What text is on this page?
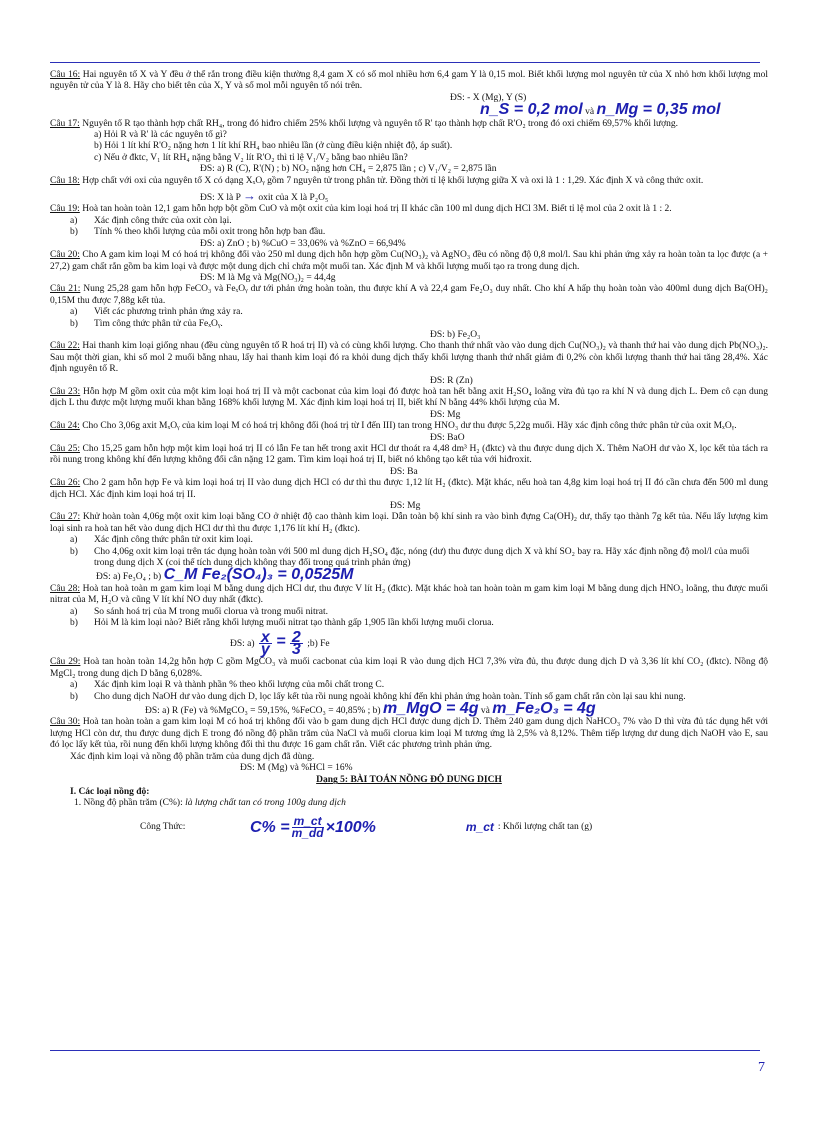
Câu 16: Hai nguyên tố X và Y đều ở thể rắn trong điều kiện thường 8,4 gam X có số mol nhiều hơn 6,4 gam Y là 0,15 mol. Biết khối lượng mol nguyên tử của X nhỏ hơn khối lượng mol nguyên tử của Y là 8. Hãy cho biết tên của X, Y và số mol mỗi nguyên tố nói trên.

ĐS: - X (Mg), Y (S)
n_S = 0,2 mol và n_Mg = 0,35 mol

Câu 17: Nguyên tố R tạo thành hợp chất RH₄, trong đó hiđro chiếm 25% khối lượng và nguyên tố R' tạo thành hợp chất R'O₂ trong đó oxi chiếm 69,57% khối lượng.

a) Hỏi R và R' là các nguyên tố gì?
b) Hỏi 1 lít khí R'O₂ nặng hơn 1 lít khí RH₄ bao nhiêu lần (ở cùng điều kiện nhiệt độ, áp suất).
c) Nếu ở đktc, V₁ lít RH₄ nặng bằng V₂ lít R'O₂ thì tỉ lệ V₁/V₂ bằng bao nhiêu lần?
ĐS: a) R (C), R'(N) ; b) NO₂ nặng hơn CH₄ = 2,875 lần ; c) V₁/V₂ = 2,875 lần

Câu 18: Hợp chất với oxi của nguyên tố X có dạng XₓOᵧ gồm 7 nguyên tử trong phân tử. Đồng thời tỉ lệ khối lượng giữa X và oxi là 1 : 1,29. Xác định X và công thức oxit.

ĐS: X là P → oxit của X là P₂O₅

Câu 19: Hoà tan hoàn toàn 12,1 gam hỗn hợp bột gồm CuO và một oxit của kim loại hoá trị II khác cần 100 ml dung dịch HCl 3M. Biết tỉ lệ mol của 2 oxit là 1 : 2.

a)	Xác định công thức của oxit còn lại.
b)	Tính % theo khối lượng của mỗi oxit trong hỗn hợp ban đầu.
ĐS: a) ZnO ; b) %CuO = 33,06% và %ZnO = 66,94%

Câu 20: Cho A gam kim loại M có hoá trị không đổi vào 250 ml dung dịch hỗn hợp gồm Cu(NO₃)₂ và AgNO₃ đều có nồng độ 0,8 mol/l. Sau khi phản ứng xảy ra hoàn toàn ta lọc được (a + 27,2) gam chất rắn gồm ba kim loại và được một dung dịch chỉ chứa một muối tan. Xác định M và khối lượng muối tạo ra trong dung dịch.

ĐS: M là Mg và Mg(NO₃)₂ = 44,4g

Câu 21: Nung 25,28 gam hỗn hợp FeCO₃ và FeₓOᵧ dư tới phản ứng hoàn toàn, thu được khí A và 22,4 gam Fe₂O₃ duy nhất. Cho khí A hấp thụ hoàn toàn vào 400ml dung dịch Ba(OH)₂ 0,15M thu được 7,88g kết tủa.

a)	Viết các phương trình phản ứng xảy ra.
b)	Tìm công thức phân tử của FeₓOᵧ.
ĐS: b) Fe₂O₃

Câu 22: Hai thanh kim loại giống nhau (đều cùng nguyên tố R hoá trị II) và có cùng khối lượng. Cho thanh thứ nhất vào vào dung dịch Cu(NO₃)₂ và thanh thứ hai vào dung dịch Pb(NO₃)₂. Sau một thời gian, khi số mol 2 muối bằng nhau, lấy hai thanh kim loại đó ra khỏi dung dịch thấy khối lượng thanh thứ nhất giảm đi 0,2% còn khối lượng thanh thứ hai tăng 28,4%. Xác định nguyên tố R.

ĐS: R (Zn)

Câu 23: Hỗn hợp M gồm oxit của một kim loại hoá trị II và một cacbonat của kim loại đó được hoà tan hết bằng axit H₂SO₄ loãng vừa đủ tạo ra khí N và dung dịch L. Đem cô cạn dung dịch L thu được một lượng muối khan bằng 168% khối lượng M. Xác định kim loại hoá trị II, biết khí N bằng 44% khối lượng của M.

ĐS: Mg

Câu 24: Cho Cho 3,06g axit MₓOᵧ của kim loại M có hoá trị không đổi (hoá trị từ I đến III) tan trong HNO₃ dư thu được 5,22g muối. Hãy xác định công thức phân tử của oxit MₓOᵧ.

ĐS: BaO

Câu 25: Cho 15,25 gam hỗn hợp một kim loại hoá trị II có lẫn Fe tan hết trong axit HCl dư thoát ra 4,48 dm³ H₂ (đktc) và thu được dung dịch X. Thêm NaOH dư vào X, lọc kết tủa tách ra rồi nung trong không khí đến lượng không đổi cân nặng 12 gam. Tìm kim loại hoá trị II, biết nó không tạo kết tủa với hiđroxit.

ĐS: Ba

Câu 26: Cho 2 gam hỗn hợp Fe và kim loại hoá trị II vào dung dịch HCl có dư thì thu được 1,12 lít H₂ (đktc). Mặt khác, nếu hoà tan 4,8g kim loại hoá trị II đó cần chưa đến 500 ml dung dịch HCl. Xác định kim loại hoá trị II.

ĐS: Mg

Câu 27: Khử hoàn toàn 4,06g một oxit kim loại bằng CO ở nhiệt độ cao thành kim loại. Dẫn toàn bộ khí sinh ra vào bình đựng Ca(OH)₂ dư, thấy tạo thành 7g kết tủa. Nếu lấy lượng kim loại sinh ra hoà tan hết vào dung dịch HCl dư thì thu được 1,176 lít khí H₂ (đktc).

a)	Xác định công thức phân tử oxit kim loại.
b)	Cho 4,06g oxit kim loại trên tác dụng hoàn toàn với 500 ml dung dịch H₂SO₄ đặc, nóng (dư) thu được dung dịch X và khí SO₂ bay ra. Hãy xác định nồng độ mol/l của muối trong dung dịch X (coi thể tích dung dịch không thay đổi trong quá trình phản ứng)
ĐS: a) Fe₃O₄ ; b) C_M Fe₂(SO₄)₃ = 0,0525M

Câu 28: Hoà tan hoà toàn m gam kim loại M bằng dung dịch HCl dư, thu được V lít H₂ (đktc). Mặt khác hoà tan hoàn toàn m gam kim loại M bằng dung dịch HNO₃ loãng, thu được muối nitrat của M, H₂O và cũng V lít khí NO duy nhất (đktc).

a)	So sánh hoá trị của M trong muối clorua và trong muối nitrat.
b)	Hỏi M là kim loại nào? Biết rằng khối lượng muối nitrat tạo thành gấp 1,905 lần khối lượng muối clorua.
ĐS: $a) \frac{x}{y} = \frac{2}{3}$ ;b) Fe

Câu 29: Hoà tan hoàn toàn 14,2g hỗn hợp C gồm MgCO₃ và muối cacbonat của kim loại R vào dung dịch HCl 7,3% vừa đủ, thu được dung dịch D và 3,36 lít khí CO₂ (đktc). Nồng độ MgCl₂ trong dung dịch D bằng 6,028%.

a)	Xác định kim loại R và thành phần % theo khối lượng của mỗi chất trong C.
b)	Cho dung dịch NaOH dư vào dung dịch D, lọc lấy kết tủa rồi nung ngoài không khí đến khi phản ứng hoàn toàn. Tính số gam chất rắn còn lại sau khi nung.
ĐS: a) R (Fe) và %MgCO₃ = 59,15%, %FeCO₃ = 40,85% ; b) m_MgO = 4g và m_Fe₂O₃ = 4g

Câu 30: Hoà tan hoàn toàn a gam kim loại M có hoá trị không đổi vào b gam dung dịch HCl được dung dịch D. Thêm 240 gam dung dịch NaHCO₃ 7% vào D thì vừa đủ tác dụng hết với lượng HCl còn dư, thu được dung dịch E trong đó nồng độ phần trăm của NaCl và muối clorua kim loại M tương ứng là 2,5% và 8,12%. Thêm tiếp lượng dư dung dịch NaOH vào E, sau đó lọc lấy kết tủa, rồi nung đến khối lượng không đổi thì thu được 16 gam chất rắn. Viết các phương trình phản ứng.

Xác định kim loại và nồng độ phần trăm của dung dịch đã dùng.
ĐS: M (Mg) và %HCl = 16%
Dạng 5: BÀI TOÁN NỒNG ĐỘ DUNG DỊCH
I. Các loại nồng độ:
1. Nồng độ phần trăm (C%): là lượng chất tan có trong 100g dung dịch
Công Thức:	$C\% = \frac{m\_ct}{m\_dd} \times 100\%$	m_ct : Khối lượng chất tan (g)
7
